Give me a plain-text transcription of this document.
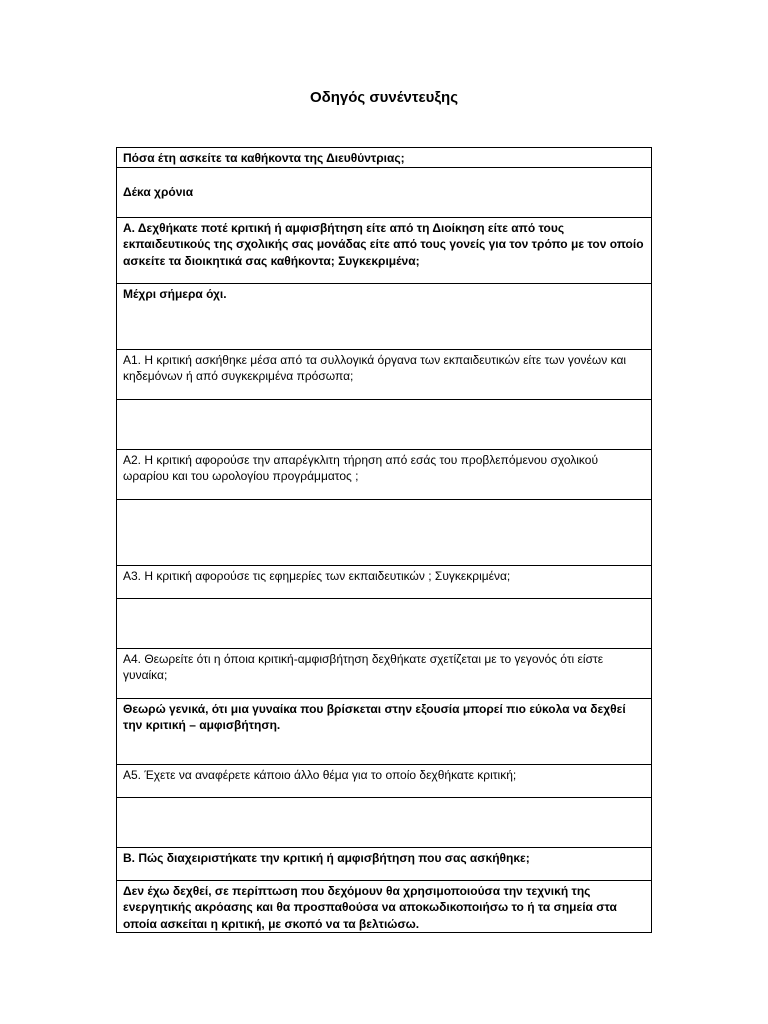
Οδηγός συνέντευξης
Πόσα έτη ασκείτε τα καθήκοντα της Διευθύντριας;
Δέκα χρόνια
Α. Δεχθήκατε ποτέ κριτική ή αμφισβήτηση είτε από τη Διοίκηση είτε από τους εκπαιδευτικούς της σχολικής σας μονάδας είτε από τους γονείς για τον τρόπο με τον οποίο ασκείτε τα διοικητικά σας καθήκοντα; Συγκεκριμένα;
Μέχρι σήμερα όχι.
Α1. Η κριτική ασκήθηκε μέσα από τα συλλογικά όργανα των εκπαιδευτικών είτε των γονέων και κηδεμόνων ή από συγκεκριμένα πρόσωπα;

Α2. Η κριτική αφορούσε την απαρέγκλιτη τήρηση από εσάς του προβλεπόμενου σχολικού ωραρίου και του ωρολογίου προγράμματος ;

Α3. Η κριτική αφορούσε τις εφημερίες των εκπαιδευτικών ; Συγκεκριμένα;

Α4. Θεωρείτε ότι η όποια κριτική-αμφισβήτηση δεχθήκατε σχετίζεται με το γεγονός ότι είστε γυναίκα;
Θεωρώ γενικά, ότι μια γυναίκα που βρίσκεται στην εξουσία μπορεί πιο εύκολα να δεχθεί την κριτική – αμφισβήτηση.
Α5. Έχετε να αναφέρετε κάποιο άλλο θέμα για το οποίο δεχθήκατε κριτική;

Β. Πώς διαχειριστήκατε την κριτική ή αμφισβήτηση που σας ασκήθηκε;
Δεν έχω δεχθεί, σε περίπτωση που δεχόμουν θα χρησιμοποιούσα την τεχνική της ενεργητικής ακρόασης και θα προσπαθούσα να αποκωδικοποιήσω το ή τα σημεία στα οποία ασκείται η κριτική, με σκοπό να τα βελτιώσω.
